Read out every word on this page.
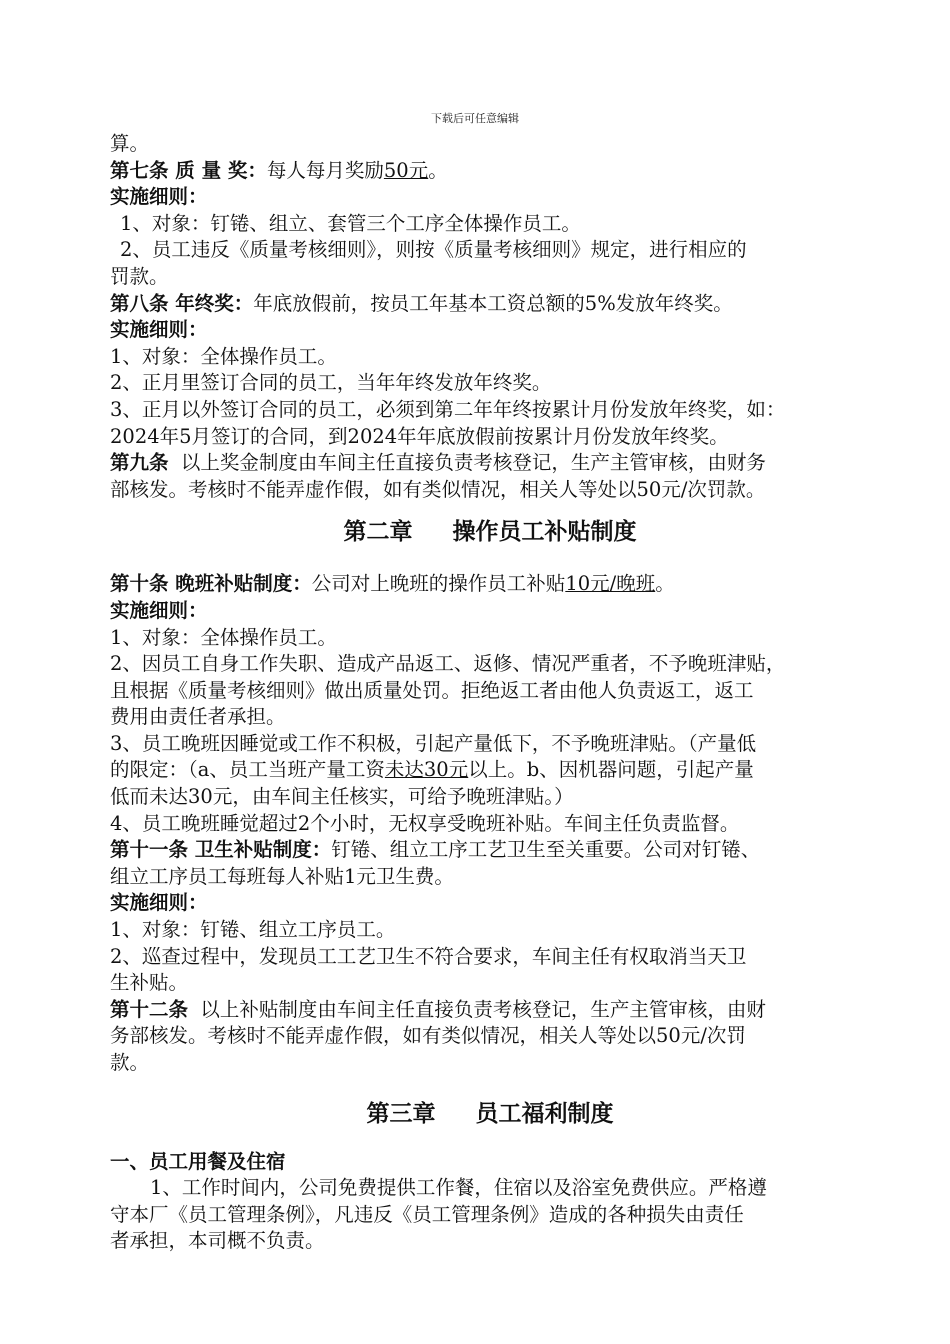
下载后可任意编辑
算。
第七条 质 量 奖：每人每月奖励50元。
实施细则：
1、对象：钉锩、组立、套管三个工序全体操作员工。
2、员工违反《质量考核细则》，则按《质量考核细则》规定，进行相应的
罚款。
第八条 年终奖：年底放假前，按员工年基本工资总额的5%发放年终奖。
实施细则：
1、对象：全体操作员工。
2、正月里签订合同的员工，当年年终发放年终奖。
3、正月以外签订合同的员工，必须到第二年年终按累计月份发放年终奖，如：
2024年5月签订的合同，到2024年年底放假前按累计月份发放年终奖。
第九条  以上奖金制度由车间主任直接负责考核登记，生产主管审核，由财务
部核发。考核时不能弄虚作假，如有类似情况，相关人等处以50元/次罚款。
第二章     操作员工补贴制度
第十条 晚班补贴制度：公司对上晚班的操作员工补贴10元/晚班。
实施细则：
1、对象：全体操作员工。
2、因员工自身工作失职、造成产品返工、返修、情况严重者，不予晚班津贴，
且根据《质量考核细则》做出质量处罚。拒绝返工者由他人负责返工，返工
费用由责任者承担。
3、员工晚班因睡觉或工作不积极，引起产量低下，不予晚班津贴。（产量低
的限定：（a、员工当班产量工资未达30元以上。b、因机器问题，引起产量
低而未达30元，由车间主任核实，可给予晚班津贴。）
4、员工晚班睡觉超过2个小时，无权享受晚班补贴。车间主任负责监督。
第十一条 卫生补贴制度：钉锩、组立工序工艺卫生至关重要。公司对钉锩、
组立工序员工每班每人补贴1元卫生费。
实施细则：
1、对象：钉锩、组立工序员工。
2、巡查过程中，发现员工工艺卫生不符合要求，车间主任有权取消当天卫
生补贴。
第十二条  以上补贴制度由车间主任直接负责考核登记，生产主管审核，由财
务部核发。考核时不能弄虚作假，如有类似情况，相关人等处以50元/次罚
款。
第三章     员工福利制度
一、员工用餐及住宿
1、工作时间内，公司免费提供工作餐，住宿以及浴室免费供应。严格遵
守本厂《员工管理条例》，凡违反《员工管理条例》造成的各种损失由责任
者承担，本司概不负责。
